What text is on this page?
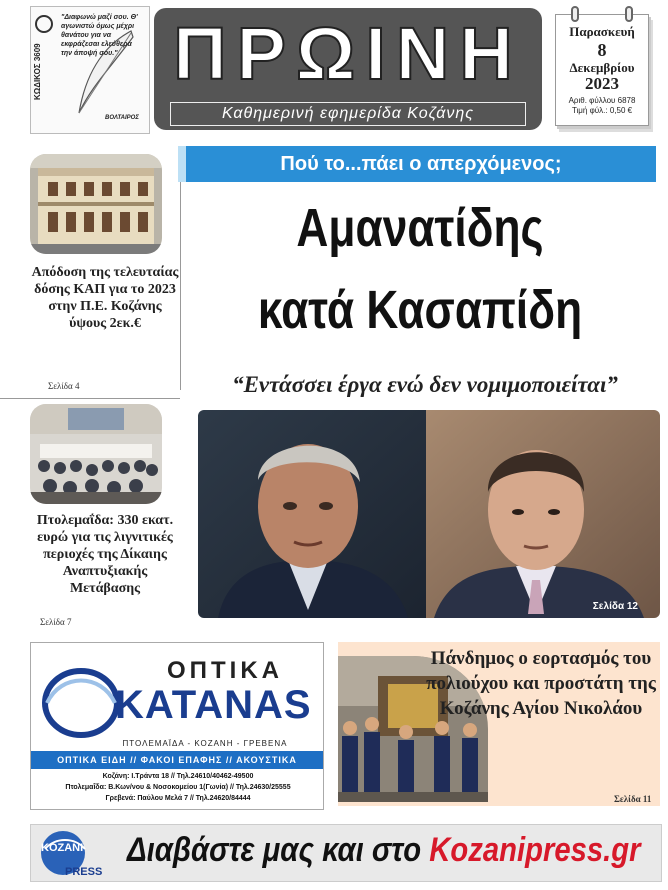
ΚΩΔΙΚΟΣ 3609
"Διαφωνώ μαζί σου. Θ' αγωνιστώ όμως μέχρι θανάτου για να εκφράζεσαι ελεύθερα την άποψή σου."
ΒΟΛΤΑΙΡΟΣ
ΠΡΩΙΝΗ
Καθημερινή εφημερίδα Κοζάνης
Παρασκευή
8
Δεκεμβρίου
2023
Αριθ. φύλλου 6878
Τιμή φύλ.: 0,50 €
Απόδοση της τελευταίας δόσης ΚΑΠ για το 2023 στην Π.Ε. Κοζάνης ύψους 2εκ.€
Σελίδα 4
Πτολεμαΐδα: 330 εκατ. ευρώ για τις λιγνιτικές περιοχές της Δίκαιης Αναπτυξιακής Μετάβασης
Σελίδα 7
Πού το...πάει ο απερχόμενος;
Αμανατίδης
κατά Κασαπίδη
“Εντάσσει έργα ενώ δεν νομιμοποιείται”
Σελίδα 12
ΟΠΤΙΚΑ
KATANAS
ΠΤΟΛΕΜΑΪΔΑ - ΚΟΖΑΝΗ - ΓΡΕΒΕΝΑ
ΟΠΤΙΚΑ ΕΙΔΗ // ΦΑΚΟΙ ΕΠΑΦΗΣ // ΑΚΟΥΣΤΙΚΑ
Κοζάνη: Ι.Τράντα 18 // Τηλ.24610/40462-49500
Πτολεμαΐδα: Β.Κων/νου & Νοσοκομείου 1(Γωνία) // Τηλ.24630/25555
Γρεβενά: Παύλου Μελά 7 // Τηλ.24620/84444
Πάνδημος ο εορτασμός του πολιούχου και προστάτη της Κοζάνης Αγίου Νικολάου
Σελίδα 11
KOZANI
PRESS
Διαβάστε μας και στο Kozanipress.gr
